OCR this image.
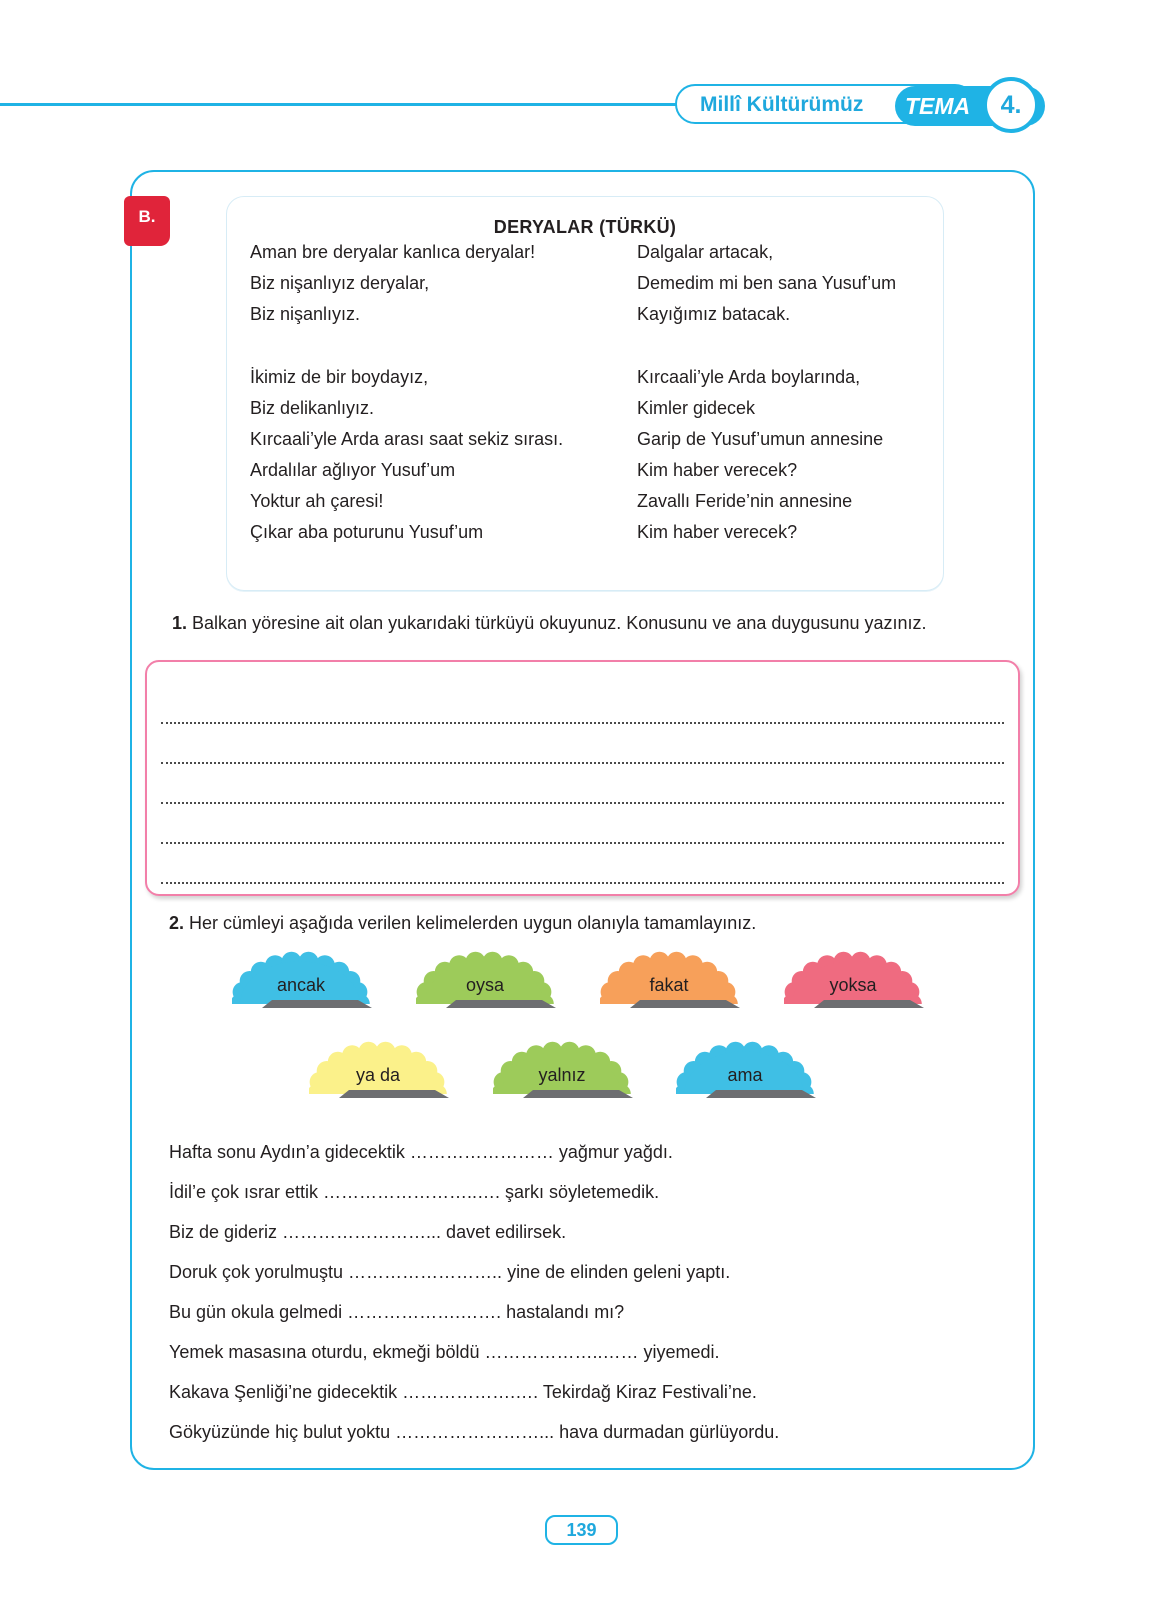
Millî Kültürümüz TEMA	4.
B.
DERYALAR (TÜRKÜ)
Aman bre deryalar kanlıca deryalar!
Biz nişanlıyız deryalar,
Biz nişanlıyız.
İkimiz de bir boydayız,
Biz delikanlıyız.
Kırcaali’yle Arda arası saat sekiz sırası.
Ardalılar ağlıyor Yusuf’um
Yoktur ah çaresi!
Çıkar aba poturunu Yusuf’um
Dalgalar artacak,
Demedim mi ben sana Yusuf’um
Kayığımız batacak.
Kırcaali’yle Arda boylarında,
Kimler gidecek
Garip de Yusuf’umun annesine
Kim haber verecek?
Zavallı Feride’nin annesine
Kim haber verecek?
1. Balkan yöresine ait olan yukarıdaki türküyü okuyunuz. Konusunu ve ana duygusunu yazınız.
2. Her cümleyi aşağıda verilen kelimelerden uygun olanıyla tamamlayınız.
ancak	oysa	fakat	yoksa
ya da	yalnız	ama
Hafta sonu Aydın’a gidecektik …………………… yağmur yağdı.
İdil’e çok ısrar ettik ……………………..…. şarkı söyletemedik.
Biz de gideriz ……………………... davet edilirsek.
Doruk çok yorulmuştu …………………….. yine de elinden geleni yaptı.
Bu gün okula gelmedi ……………….……. hastalandı mı?
Yemek masasına oturdu, ekmeği böldü ………………..…… yiyemedi.
Kakava Şenliği’ne gidecektik ……………….…. Tekirdağ Kiraz Festivali’ne.
Gökyüzünde hiç bulut yoktu ……………………... hava durmadan gürlüyordu.
139
